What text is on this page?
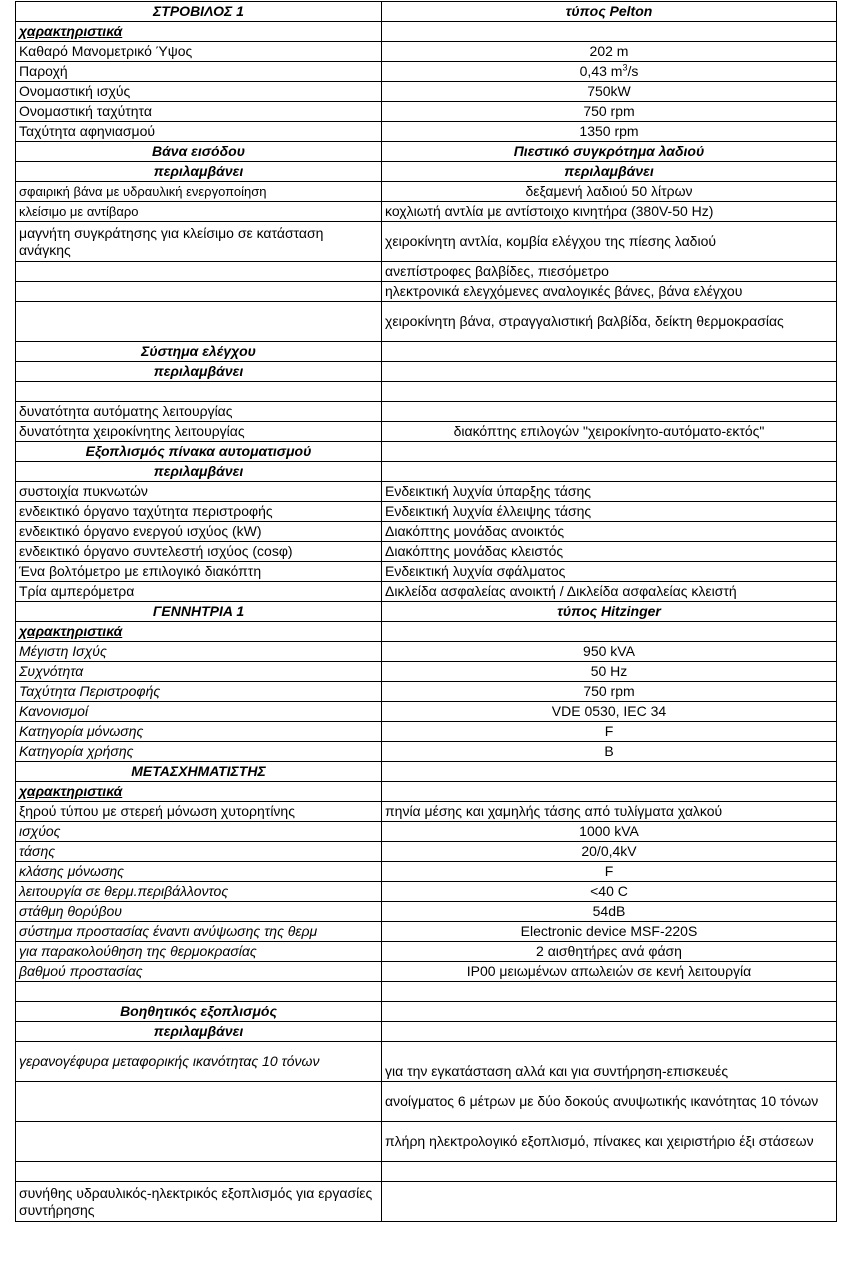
ΣΤΡΟΒΙΛΟΣ 1	τύπος Pelton
χαρακτηριστικά	
Καθαρό Μανομετρικό Ύψος	202 m
Παροχή	0,43 $m^3/s$
Ονομαστική ισχύς	750kW
Ονομαστική ταχύτητα	750 rpm
Ταχύτητα αφηνιασμού	1350 rpm
Βάνα εισόδου	Πιεστικό συγκρότημα λαδιού
περιλαμβάνει	περιλαμβάνει
σφαιρική βάνα με υδραυλική ενεργοποίηση	δεξαμενή λαδιού 50 λίτρων
κλείσιμο με αντίβαρο	κοχλιωτή αντλία με αντίστοιχο κινητήρα (380V-50 Hz)
μαγνήτη συγκράτησης για κλείσιμο σε κατάσταση ανάγκης	χειροκίνητη αντλία, κομβία ελέγχου της πίεσης λαδιού
	ανεπίστροφες βαλβίδες, πιεσόμετρο
	ηλεκτρονικά ελεγχόμενες αναλογικές βάνες, βάνα ελέγχου
	χειροκίνητη βάνα, στραγγαλιστική βαλβίδα, δείκτη θερμοκρασίας
Σύστημα ελέγχου	
περιλαμβάνει	

δυνατότητα αυτόματης λειτουργίας	
δυνατότητα χειροκίνητης λειτουργίας	διακόπτης επιλογών "χειροκίνητο-αυτόματο-εκτός"
Εξοπλισμός πίνακα αυτοματισμού	
περιλαμβάνει	
συστοιχία πυκνωτών	Ενδεικτική λυχνία ύπαρξης τάσης
ενδεικτικό όργανο ταχύτητα περιστροφής	Ενδεικτική λυχνία έλλειψης τάσης
ενδεικτικό όργανο ενεργού ισχύος (kW)	Διακόπτης μονάδας ανοικτός
ενδεικτικό όργανο συντελεστή ισχύος (cosφ)	Διακόπτης μονάδας κλειστός
Ένα βολτόμετρο με επιλογικό διακόπτη	Ενδεικτική λυχνία σφάλματος
Τρία αμπερόμετρα	Δικλείδα ασφαλείας ανοικτή / Δικλείδα ασφαλείας κλειστή
ΓΕΝΝΗΤΡΙΑ 1	τύπος Hitzinger
χαρακτηριστικά	
Μέγιστη Ισχύς	950 kVA
Συχνότητα	50 Hz
Ταχύτητα Περιστροφής	750 rpm
Κανονισμοί	VDE 0530, IEC 34
Κατηγορία μόνωσης	F
Κατηγορία χρήσης	B
ΜΕΤΑΣΧΗΜΑΤΙΣΤΗΣ	
χαρακτηριστικά	
ξηρού τύπου με στερεή μόνωση χυτορητίνης	πηνία μέσης και χαμηλής τάσης από τυλίγματα χαλκού
ισχύος	1000 kVA
τάσης	20/0,4kV
κλάσης μόνωσης	F
λειτουργία σε θερμ.περιβάλλοντος	<40 C
στάθμη θορύβου	54dB
σύστημα προστασίας έναντι ανύψωσης της θερμ	Electronic device MSF-220S
για παρακολούθηση της θερμοκρασίας	2 αισθητήρες ανά φάση
βαθμού προστασίας	IP00 μειωμένων απωλειών σε κενή λειτουργία

Βοηθητικός εξοπλισμός	
περιλαμβάνει	
γερανογέφυρα μεταφορικής ικανότητας 10 τόνων	για την εγκατάσταση αλλά και για συντήρηση-επισκευές
	ανοίγματος 6 μέτρων με δύο δοκούς ανυψωτικής ικανότητας 10 τόνων
	πλήρη ηλεκτρολογικό εξοπλισμό, πίνακες και χειριστήριο έξι στάσεων

συνήθης υδραυλικός-ηλεκτρικός εξοπλισμός για εργασίες συντήρησης	
